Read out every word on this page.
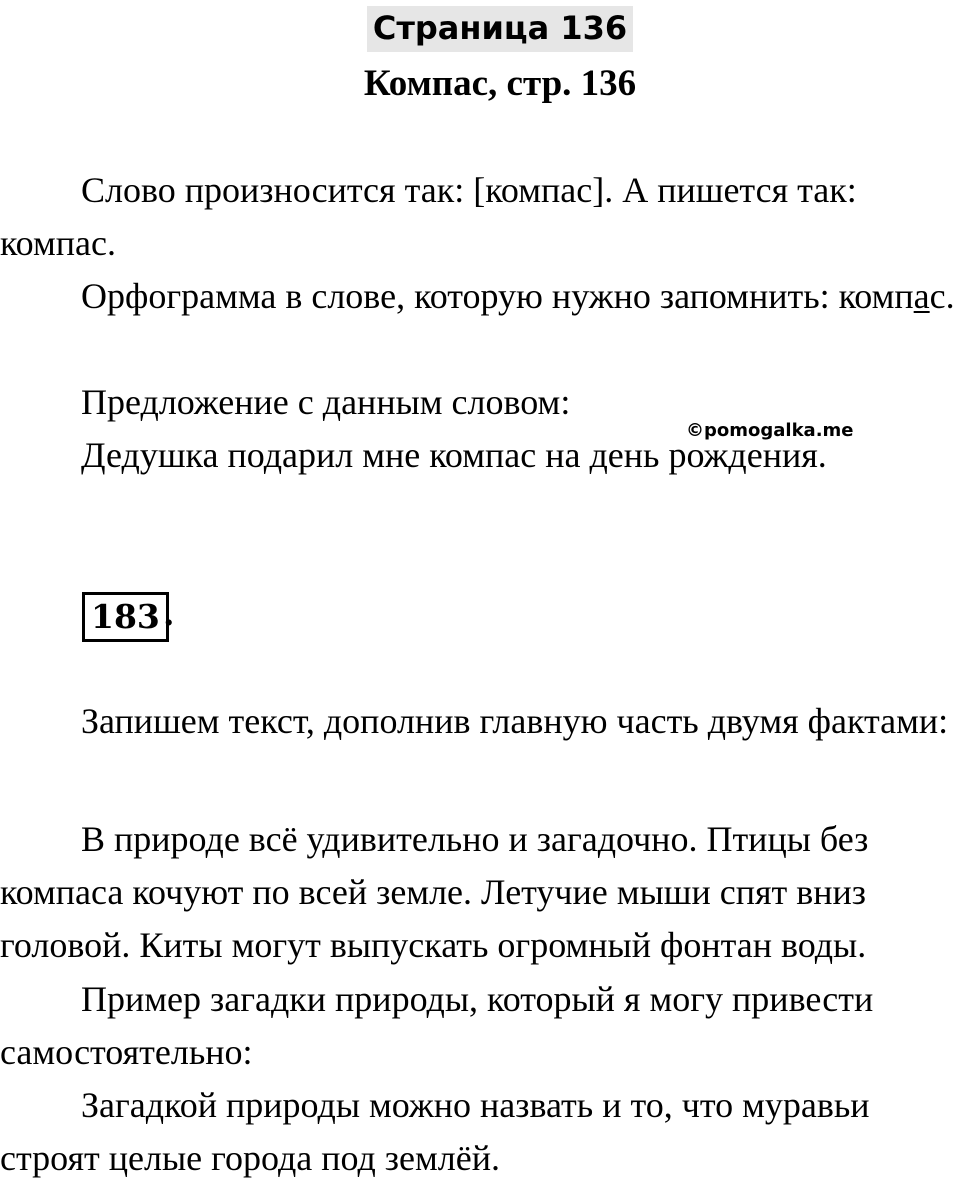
Страница 136
Компас, стр. 136

Слово произносится так: [компас]. А пишется так: компас.

Орфограмма в слове, которую нужно запомнить: компас.

Предложение с данным словом:

©pomogalka.me

Дедушка подарил мне компас на день рождения.

183 .

Запишем текст, дополнив главную часть двумя фактами:

В природе всё удивительно и загадочно. Птицы без компаса кочуют по всей земле. Летучие мыши спят вниз головой. Киты могут выпускать огромный фонтан воды.

Пример загадки природы, который я могу привести самостоятельно:

Загадкой природы можно назвать и то, что муравьи строят целые города под землёй.
